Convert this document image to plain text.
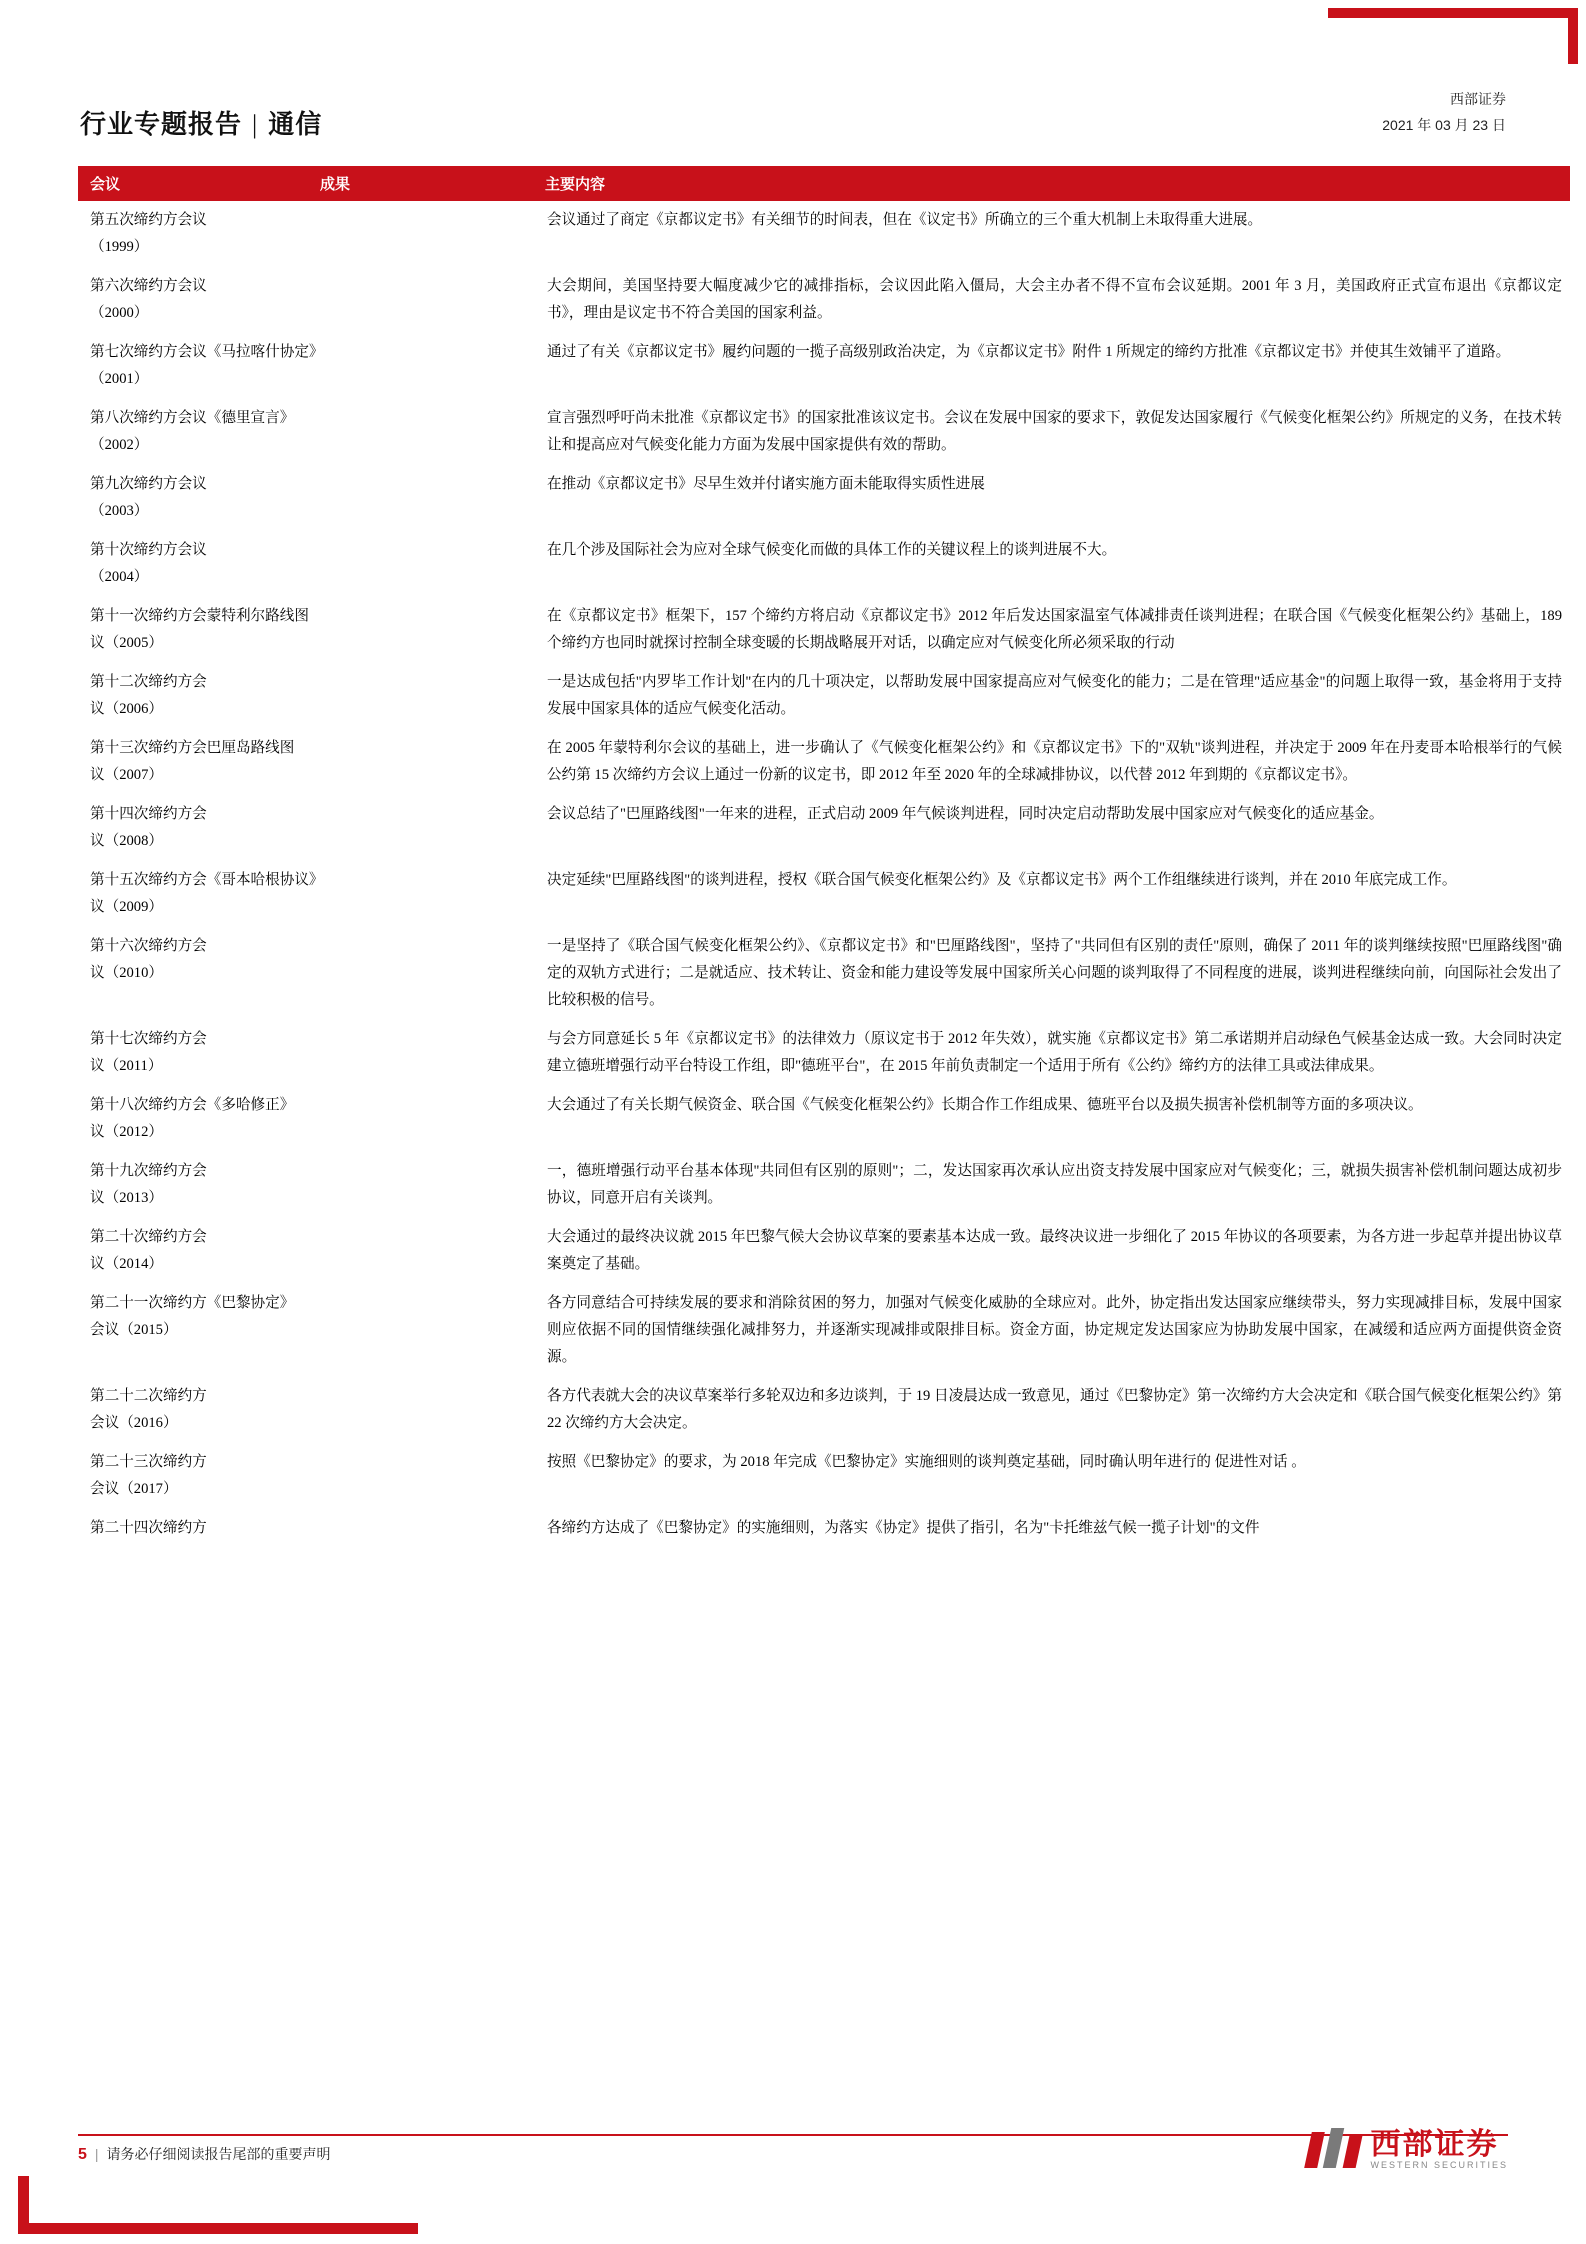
行业专题报告 | 通信
西部证券
2021 年 03 月 23 日
会议	成果	主要内容

第五次缔约方会议
（1999）		会议通过了商定《京都议定书》有关细节的时间表，但在《议定书》所确立的三个重大机制上未取得重大进展。

第六次缔约方会议
（2000）		大会期间，美国坚持要大幅度减少它的减排指标，会议因此陷入僵局，大会主办者不得不宣布会议延期。2001 年 3 月，美国政府正式宣布退出《京都议定书》，理由是议定书不符合美国的国家利益。

第七次缔约方会议《马拉喀什协定》
（2001）		通过了有关《京都议定书》履约问题的一揽子高级别政治决定，为《京都议定书》附件 1 所规定的缔约方批准《京都议定书》并使其生效铺平了道路。

第八次缔约方会议《德里宣言》
（2002）		宣言强烈呼吁尚未批准《京都议定书》的国家批准该议定书。会议在发展中国家的要求下，敦促发达国家履行《气候变化框架公约》所规定的义务，在技术转让和提高应对气候变化能力方面为发展中国家提供有效的帮助。

第九次缔约方会议
（2003）		在推动《京都议定书》尽早生效并付诸实施方面未能取得实质性进展

第十次缔约方会议
（2004）		在几个涉及国际社会为应对全球气候变化而做的具体工作的关键议程上的谈判进展不大。

第十一次缔约方会蒙特利尔路线图
议（2005）		在《京都议定书》框架下，157 个缔约方将启动《京都议定书》2012 年后发达国家温室气体减排责任谈判进程；在联合国《气候变化框架公约》基础上，189 个缔约方也同时就探讨控制全球变暖的长期战略展开对话，以确定应对气候变化所必须采取的行动

第十二次缔约方会
议（2006）		一是达成包括"内罗毕工作计划"在内的几十项决定，以帮助发展中国家提高应对气候变化的能力；二是在管理"适应基金"的问题上取得一致，基金将用于支持发展中国家具体的适应气候变化活动。

第十三次缔约方会巴厘岛路线图
议（2007）		在 2005 年蒙特利尔会议的基础上，进一步确认了《气候变化框架公约》和《京都议定书》下的"双轨"谈判进程，并决定于 2009 年在丹麦哥本哈根举行的气候公约第 15 次缔约方会议上通过一份新的议定书，即 2012 年至 2020 年的全球减排协议，以代替 2012 年到期的《京都议定书》。

第十四次缔约方会
议（2008）		会议总结了"巴厘路线图"一年来的进程，正式启动 2009 年气候谈判进程，同时决定启动帮助发展中国家应对气候变化的适应基金。

第十五次缔约方会《哥本哈根协议》
议（2009）		决定延续"巴厘路线图"的谈判进程，授权《联合国气候变化框架公约》及《京都议定书》两个工作组继续进行谈判，并在 2010 年底完成工作。

第十六次缔约方会
议（2010）		一是坚持了《联合国气候变化框架公约》、《京都议定书》和"巴厘路线图"，坚持了"共同但有区别的责任"原则，确保了 2011 年的谈判继续按照"巴厘路线图"确定的双轨方式进行；二是就适应、技术转让、资金和能力建设等发展中国家所关心问题的谈判取得了不同程度的进展，谈判进程继续向前，向国际社会发出了比较积极的信号。

第十七次缔约方会
议（2011）		与会方同意延长 5 年《京都议定书》的法律效力（原议定书于 2012 年失效），就实施《京都议定书》第二承诺期并启动绿色气候基金达成一致。大会同时决定建立德班增强行动平台特设工作组，即"德班平台"，在 2015 年前负责制定一个适用于所有《公约》缔约方的法律工具或法律成果。

第十八次缔约方会《多哈修正》
议（2012）		大会通过了有关长期气候资金、联合国《气候变化框架公约》长期合作工作组成果、德班平台以及损失损害补偿机制等方面的多项决议。

第十九次缔约方会
议（2013）		一，德班增强行动平台基本体现"共同但有区别的原则"；二，发达国家再次承认应出资支持发展中国家应对气候变化；三，就损失损害补偿机制问题达成初步协议，同意开启有关谈判。

第二十次缔约方会
议（2014）		大会通过的最终决议就 2015 年巴黎气候大会协议草案的要素基本达成一致。最终决议进一步细化了 2015 年协议的各项要素，为各方进一步起草并提出协议草案奠定了基础。

第二十一次缔约方《巴黎协定》
会议（2015）		各方同意结合可持续发展的要求和消除贫困的努力，加强对气候变化威胁的全球应对。此外，协定指出发达国家应继续带头，努力实现减排目标，发展中国家则应依据不同的国情继续强化减排努力，并逐渐实现减排或限排目标。资金方面，协定规定发达国家应为协助发展中国家，在减缓和适应两方面提供资金资源。

第二十二次缔约方
会议（2016）		各方代表就大会的决议草案举行多轮双边和多边谈判，于 19 日凌晨达成一致意见，通过《巴黎协定》第一次缔约方大会决定和《联合国气候变化框架公约》第 22 次缔约方大会决定。

第二十三次缔约方
会议（2017）		按照《巴黎协定》的要求，为 2018 年完成《巴黎协定》实施细则的谈判奠定基础，同时确认明年进行的 促进性对话 。

第二十四次缔约方		各缔约方达成了《巴黎协定》的实施细则，为落实《协定》提供了指引，名为"卡托维兹气候一揽子计划"的文件
5 | 请务必仔细阅读报告尾部的重要声明	西部证券
WESTERN SECURITIES
